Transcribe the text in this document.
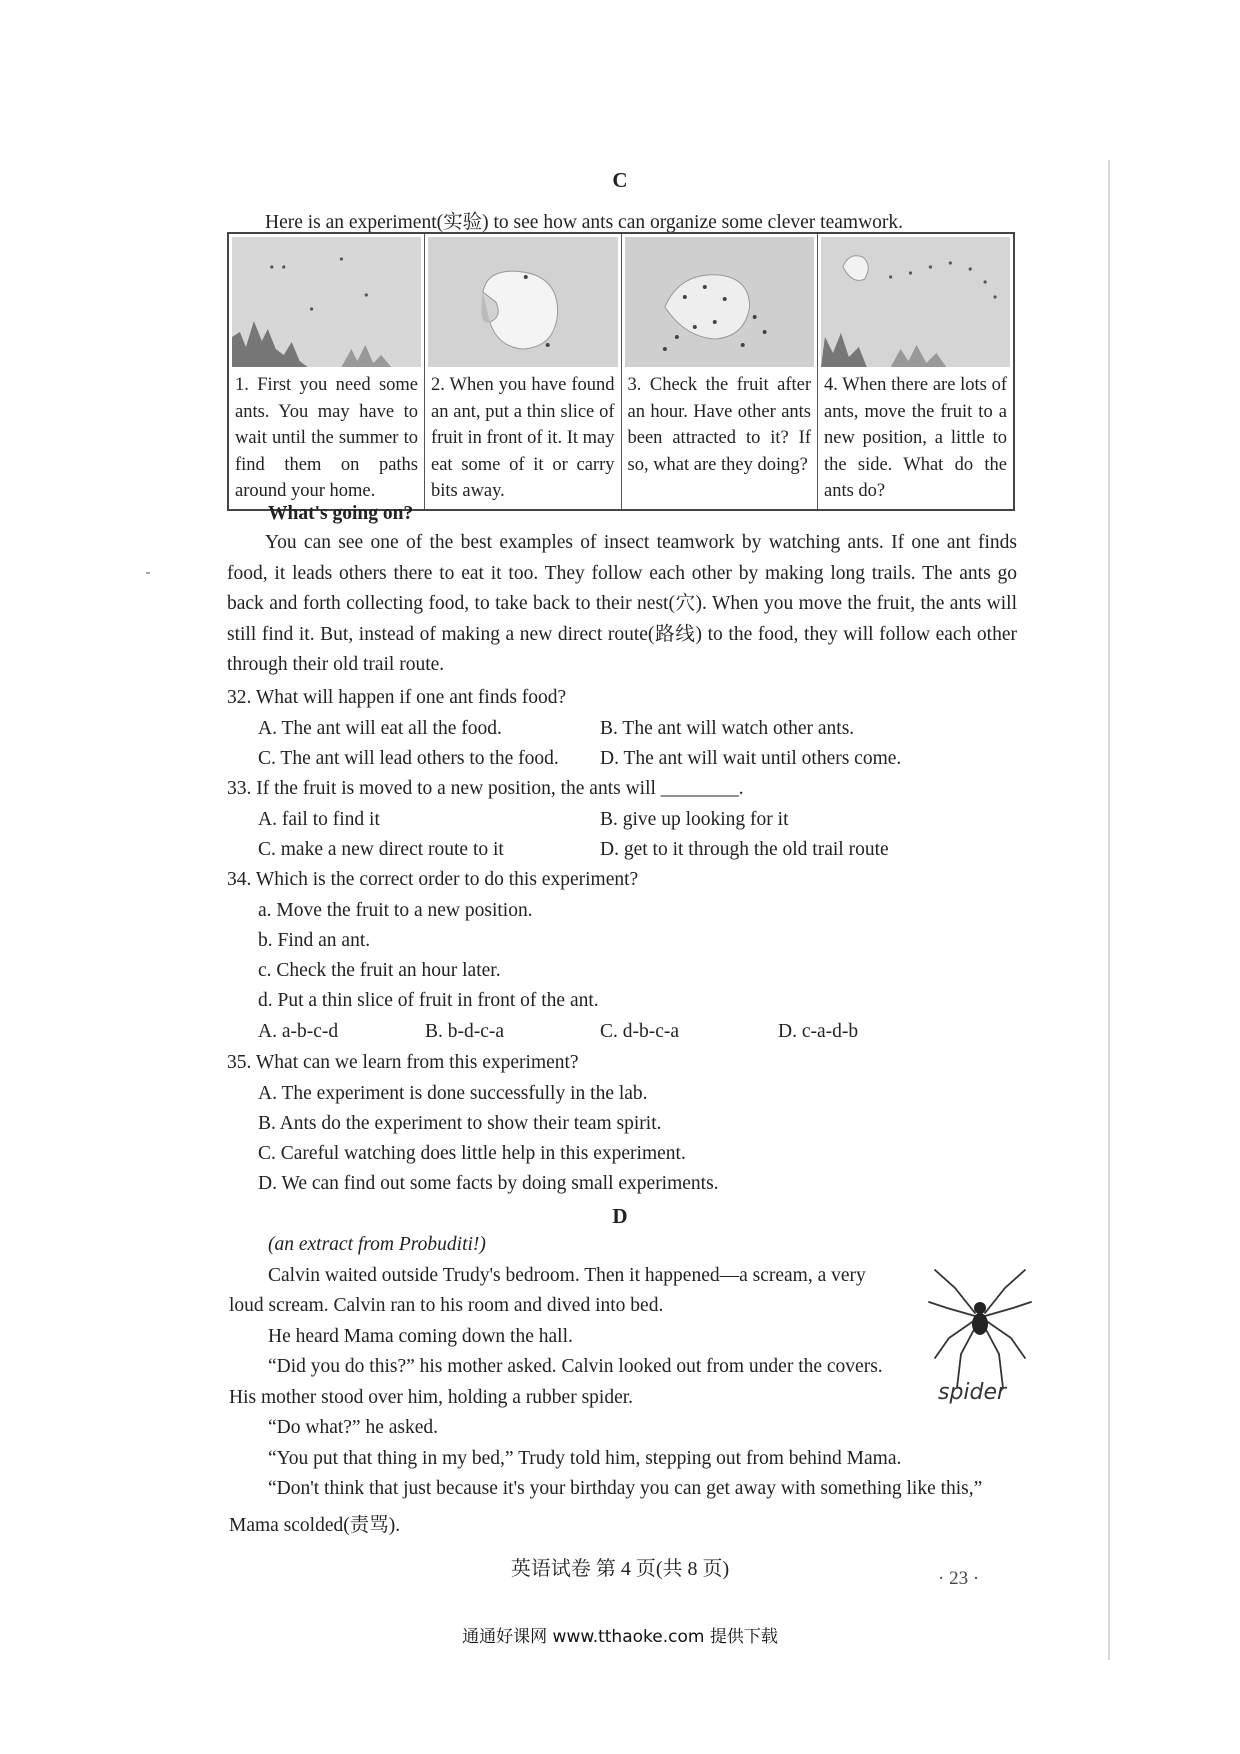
C
Here is an experiment(实验) to see how ants can organize some clever teamwork.
1. First you need some ants. You may have to wait until the summer to find them on paths around your home.

2. When you have found an ant, put a thin slice of fruit in front of it. It may eat some of it or carry bits away.

3. Check the fruit after an hour. Have other ants been attracted to it? If so, what are they doing?

4. When there are lots of ants, move the fruit to a new position, a little to the side. What do the ants do?
What's going on?
You can see one of the best examples of insect teamwork by watching ants. If one ant finds food, it leads others there to eat it too. They follow each other by making long trails. The ants go back and forth collecting food, to take back to their nest(穴). When you move the fruit, the ants will still find it. But, instead of making a new direct route(路线) to the food, they will follow each other through their old trail route.
32. What will happen if one ant finds food?
A. The ant will eat all the food.	B. The ant will watch other ants.
C. The ant will lead others to the food. D. The ant will wait until others come.
33. If the fruit is moved to a new position, the ants will ________.
A. fail to find it	B. give up looking for it
C. make a new direct route to it	D. get to it through the old trail route
34. Which is the correct order to do this experiment?
a. Move the fruit to a new position.
b. Find an ant.
c. Check the fruit an hour later.
d. Put a thin slice of fruit in front of the ant.
A. a-b-c-d	B. b-d-c-a	C. d-b-c-a	D. c-a-d-b
35. What can we learn from this experiment?
A. The experiment is done successfully in the lab.
B. Ants do the experiment to show their team spirit.
C. Careful watching does little help in this experiment.
D. We can find out some facts by doing small experiments.
D
(an extract from Probuditi!)
Calvin waited outside Trudy's bedroom. Then it happened—a scream, a very
loud scream. Calvin ran to his room and dived into bed.
He heard Mama coming down the hall.
“Did you do this?” his mother asked. Calvin looked out from under the covers.
His mother stood over him, holding a rubber spider.
“Do what?” he asked.
“You put that thing in my bed,” Trudy told him, stepping out from behind Mama.
“Don't think that just because it's your birthday you can get away with something like this,”
Mama scolded(责骂).
spider
英语试卷 第 4 页(共 8 页)	· 23 ·
通通好课网 www.tthaoke.com 提供下载
